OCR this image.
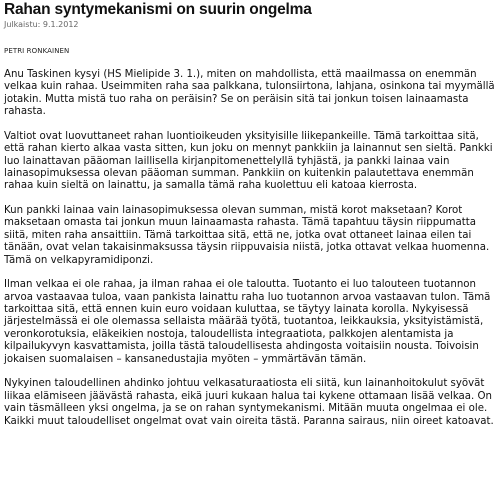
Rahan syntymekanismi on suurin ongelma
Julkaistu: 9.1.2012
PETRI RONKAINEN

Anu Taskinen kysyi (HS Mielipide 3. 1.), miten on mahdollista, että maailmassa on enemmän velkaa kuin rahaa. Useimmiten raha saa palkkana, tulonsiirtona, lahjana, osinkona tai myymällä jotakin. Mutta mistä tuo raha on peräisin? Se on peräisin sitä tai jonkun toisen lainaamasta rahasta.

Valtiot ovat luovuttaneet rahan luontioikeuden yksityisille liikepankeille. Tämä tarkoittaa sitä, että rahan kierto alkaa vasta sitten, kun joku on mennyt pankkiin ja lainannut sen sieltä. Pankki luo lainattavan pääoman laillisella kirjanpitomenettelyllä tyhjästä, ja pankki lainaa vain lainasopimuksessa olevan pääoman summan. Pankkiin on kuitenkin palautettava enemmän rahaa kuin sieltä on lainattu, ja samalla tämä raha kuolettuu eli katoaa kierrosta.

Kun pankki lainaa vain lainasopimuksessa olevan summan, mistä korot maksetaan? Korot maksetaan omasta tai jonkun muun lainaamasta rahasta. Tämä tapahtuu täysin riippumatta siitä, miten raha ansaittiin. Tämä tarkoittaa sitä, että ne, jotka ovat ottaneet lainaa eilen tai tänään, ovat velan takaisinmaksussa täysin riippuvaisia niistä, jotka ottavat velkaa huomenna. Tämä on velkapyramidiponzi.

Ilman velkaa ei ole rahaa, ja ilman rahaa ei ole taloutta. Tuotanto ei luo talouteen tuotannon arvoa vastaavaa tuloa, vaan pankista lainattu raha luo tuotannon arvoa vastaavan tulon. Tämä tarkoittaa sitä, että ennen kuin euro voidaan kuluttaa, se täytyy lainata korolla. Nykyisessä järjestelmässä ei ole olemassa sellaista määrää työtä, tuotantoa, leikkauksia, yksityistämistä, veronkorotuksia, eläkeikien nostoja, taloudellista integraatiota, palkkojen alentamista ja kilpailukyvyn kasvattamista, joilla tästä taloudellisesta ahdingosta voitaisiin nousta. Toivoisin jokaisen suomalaisen – kansanedustajia myöten – ymmärtävän tämän.

Nykyinen taloudellinen ahdinko johtuu velkasaturaatiosta eli siitä, kun lainanhoitokulut syövät liikaa elämiseen jäävästä rahasta, eikä juuri kukaan halua tai kykene ottamaan lisää velkaa. On vain täsmälleen yksi ongelma, ja se on rahan syntymekanismi. Mitään muuta ongelmaa ei ole. Kaikki muut taloudelliset ongelmat ovat vain oireita tästä. Paranna sairaus, niin oireet katoavat.
